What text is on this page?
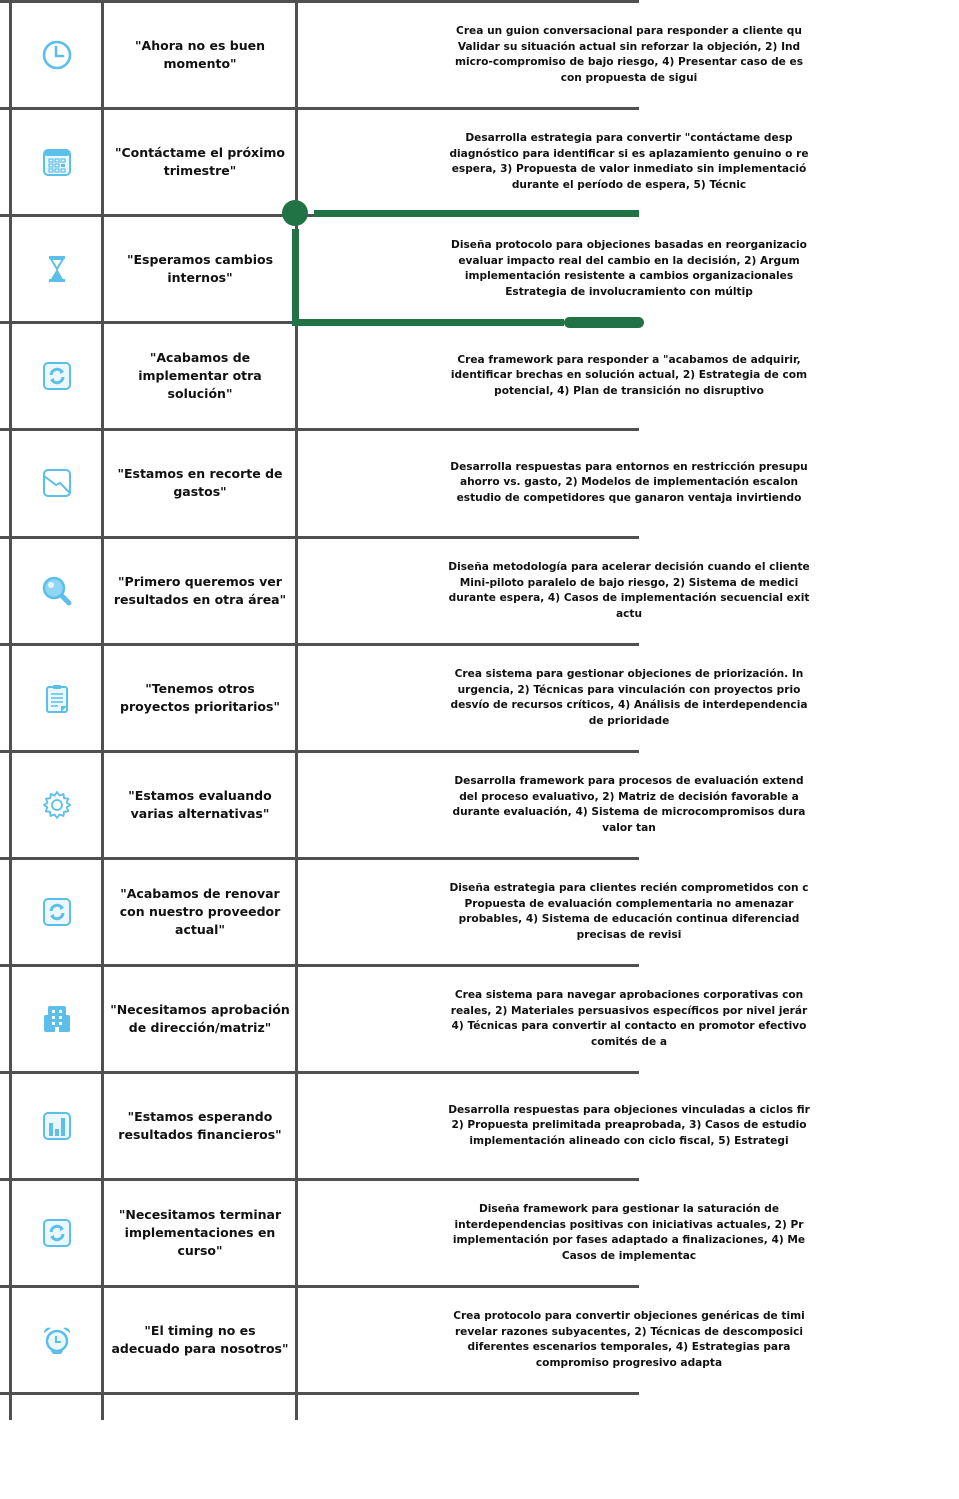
"Ahora no es buen momento"
Crea un guion conversacional para responder a cliente qu
Validar su situación actual sin reforzar la objeción, 2) Ind
micro-compromiso de bajo riesgo, 4) Presentar caso de es
con propuesta de sigui
"Contáctame el próximo trimestre"
Desarrolla estrategia para convertir "contáctame desp
diagnóstico para identificar si es aplazamiento genuino o re
espera, 3) Propuesta de valor inmediato sin implementació
durante el período de espera, 5) Técnic
"Esperamos cambios internos"
Diseña protocolo para objeciones basadas en reorganizacio
evaluar impacto real del cambio en la decisión, 2) Argum
implementación resistente a cambios organizacionales
Estrategia de involucramiento con múltip
"Acabamos de implementar otra solución"
Crea framework para responder a "acabamos de adquirir,
identificar brechas en solución actual, 2) Estrategia de com
potencial, 4) Plan de transición no disruptivo
"Estamos en recorte de gastos"
Desarrolla respuestas para entornos en restricción presupu
ahorro vs. gasto, 2) Modelos de implementación escalon
estudio de competidores que ganaron ventaja invirtiendo
"Primero queremos ver resultados en otra área"
Diseña metodología para acelerar decisión cuando el cliente
Mini-piloto paralelo de bajo riesgo, 2) Sistema de medici
durante espera, 4) Casos de implementación secuencial exit
actu
"Tenemos otros proyectos prioritarios"
Crea sistema para gestionar objeciones de priorización. In
urgencia, 2) Técnicas para vinculación con proyectos prio
desvío de recursos críticos, 4) Análisis de interdependencia
de prioridade
"Estamos evaluando varias alternativas"
Desarrolla framework para procesos de evaluación extend
del proceso evaluativo, 2) Matriz de decisión favorable a
durante evaluación, 4) Sistema de microcompromisos dura
valor tan
"Acabamos de renovar con nuestro proveedor actual"
Diseña estrategia para clientes recién comprometidos con c
Propuesta de evaluación complementaria no amenazar
probables, 4) Sistema de educación continua diferenciad
precisas de revisi
"Necesitamos aprobación de dirección/matriz"
Crea sistema para navegar aprobaciones corporativas con
reales, 2) Materiales persuasivos específicos por nivel jerár
4) Técnicas para convertir al contacto en promotor efectivo
comités de a
"Estamos esperando resultados financieros"
Desarrolla respuestas para objeciones vinculadas a ciclos fir
2) Propuesta prelimitada preaprobada, 3) Casos de estudio
implementación alineado con ciclo fiscal, 5) Estrategi
"Necesitamos terminar implementaciones en curso"
Diseña framework para gestionar la saturación de
interdependencias positivas con iniciativas actuales, 2) Pr
implementación por fases adaptado a finalizaciones, 4) Me
Casos de implementac
"El timing no es adecuado para nosotros"
Crea protocolo para convertir objeciones genéricas de timi
revelar razones subyacentes, 2) Técnicas de descomposici
diferentes escenarios temporales, 4) Estrategias para
compromiso progresivo adapta
